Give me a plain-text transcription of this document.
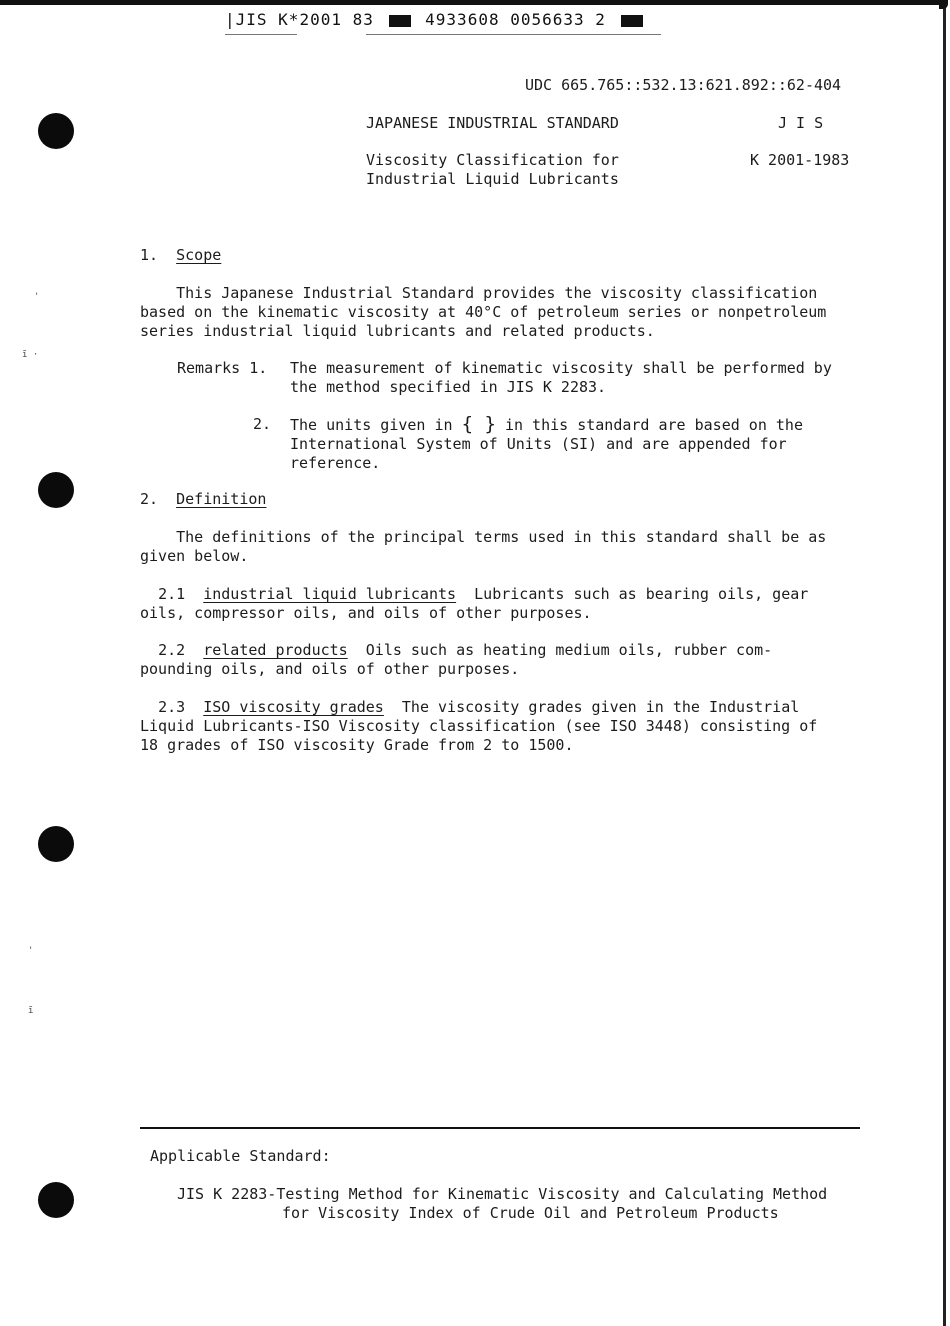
'
ĩ ·
'
ĩ
|JIS K*2001 83	4933608 0056633 2
UDC 665.765::532.13:621.892::62-404
JAPANESE INDUSTRIAL STANDARD	J I S
Viscosity Classification for
Industrial Liquid Lubricants
K 2001-1983
1. Scope
This Japanese Industrial Standard provides the viscosity classification
based on the kinematic viscosity at 40°C of petroleum series or nonpetroleum
series industrial liquid lubricants and related products.
Remarks 1. The measurement of kinematic viscosity shall be performed by
the method specified in JIS K 2283.
2. The units given in { } in this standard are based on the
International System of Units (SI) and are appended for
reference.
2. Definition
The definitions of the principal terms used in this standard shall be as
given below.
2.1 industrial liquid lubricants  Lubricants such as bearing oils, gear
oils, compressor oils, and oils of other purposes.
2.2 related products  Oils such as heating medium oils, rubber com-
pounding oils, and oils of other purposes.
2.3 ISO viscosity grades  The viscosity grades given in the Industrial
Liquid Lubricants-ISO Viscosity classification (see ISO 3448) consisting of
18 grades of ISO viscosity Grade from 2 to 1500.
Applicable Standard:
JIS K 2283-Testing Method for Kinematic Viscosity and Calculating Method
for Viscosity Index of Crude Oil and Petroleum Products
